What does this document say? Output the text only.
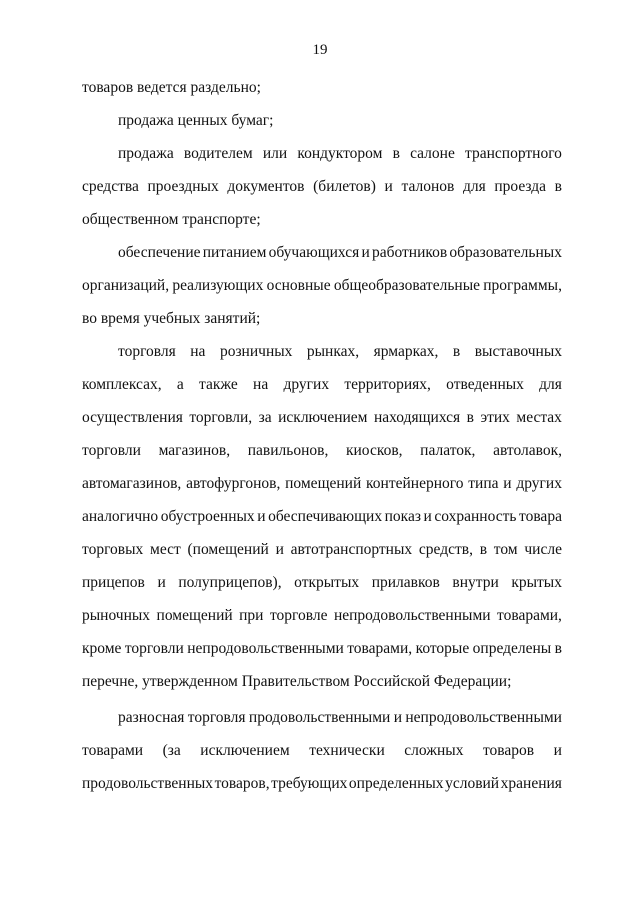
19
товаров ведется раздельно;
продажа ценных бумаг;
продажа водителем или кондуктором в салоне транспортного
средства проездных документов (билетов) и талонов для проезда в
общественном транспорте;
обеспечение питанием обучающихся и работников образовательных
организаций, реализующих основные общеобразовательные программы,
во время учебных занятий;
торговля на розничных рынках, ярмарках, в выставочных
комплексах, а также на других территориях, отведенных для
осуществления торговли, за исключением находящихся в этих местах
торговли магазинов, павильонов, киосков, палаток, автолавок,
автомагазинов, автофургонов, помещений контейнерного типа и других
аналогично обустроенных и обеспечивающих показ и сохранность товара
торговых мест (помещений и автотранспортных средств, в том числе
прицепов и полуприцепов), открытых прилавков внутри крытых
рыночных помещений при торговле непродовольственными товарами,
кроме торговли непродовольственными товарами, которые определены в
перечне, утвержденном Правительством Российской Федерации;
разносная торговля продовольственными и непродовольственными
товарами (за исключением технически сложных товаров и
продовольственных товаров, требующих определенных условий хранения
